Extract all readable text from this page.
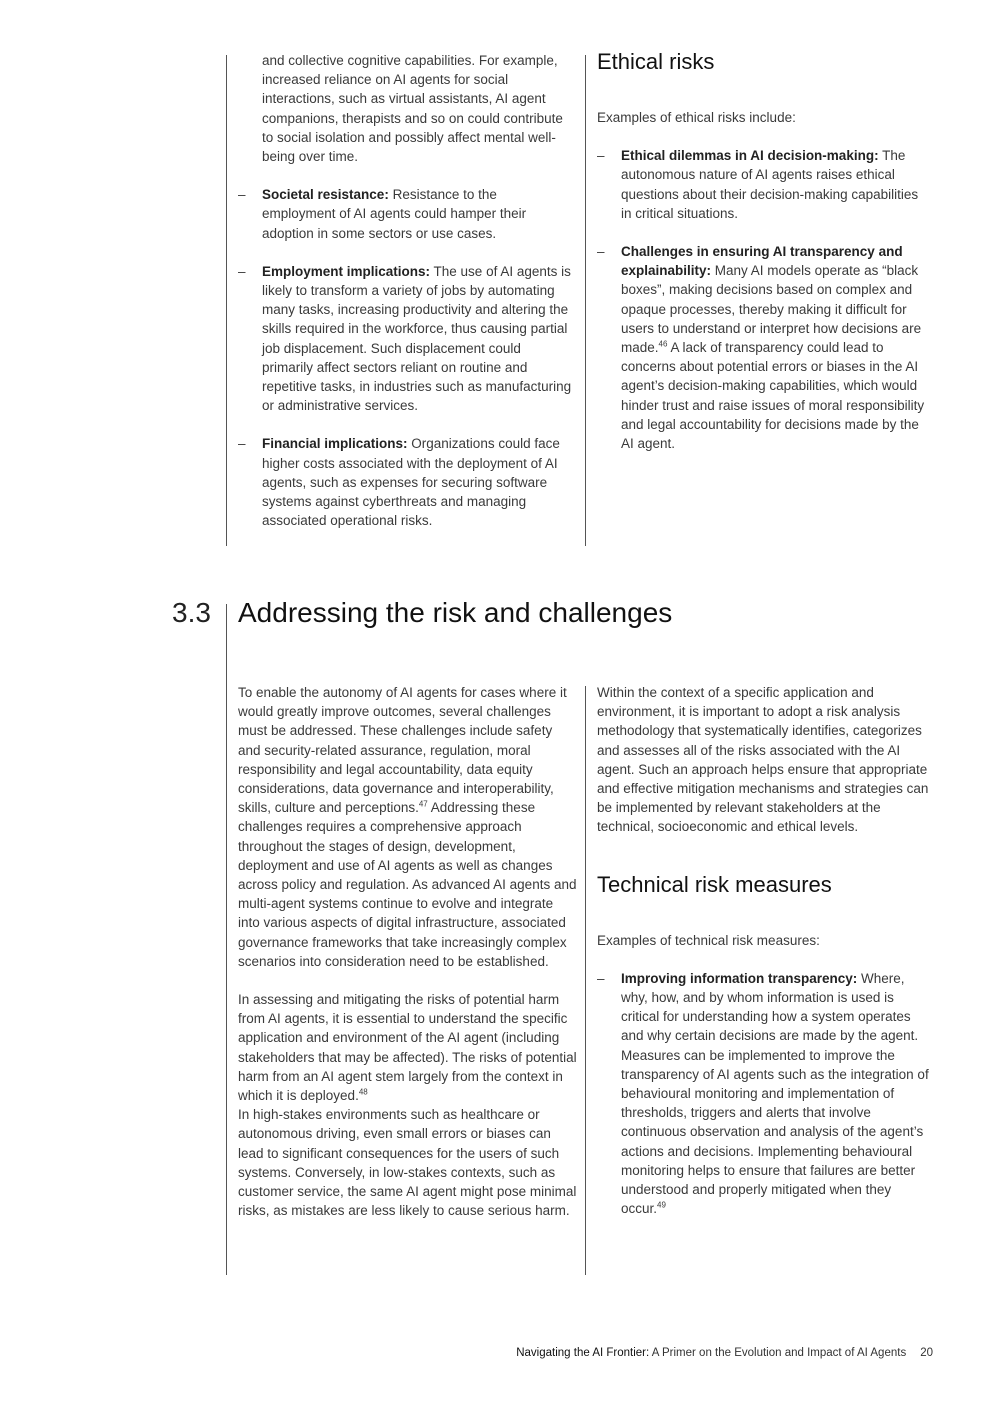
and collective cognitive capabilities. For example, increased reliance on AI agents for social interactions, such as virtual assistants, AI agent companions, therapists and so on could contribute to social isolation and possibly affect mental well-being over time.

– Societal resistance: Resistance to the employment of AI agents could hamper their adoption in some sectors or use cases.
– Employment implications: The use of AI agents is likely to transform a variety of jobs by automating many tasks, increasing productivity and altering the skills required in the workforce, thus causing partial job displacement. Such displacement could primarily affect sectors reliant on routine and repetitive tasks, in industries such as manufacturing or administrative services.
– Financial implications: Organizations could face higher costs associated with the deployment of AI agents, such as expenses for securing software systems against cyberthreats and managing associated operational risks.
Ethical risks

Examples of ethical risks include:

– Ethical dilemmas in AI decision-making: The autonomous nature of AI agents raises ethical questions about their decision-making capabilities in critical situations.
– Challenges in ensuring AI transparency and explainability: Many AI models operate as “black boxes”, making decisions based on complex and opaque processes, thereby making it difficult for users to understand or interpret how decisions are made.$^{46}$ A lack of transparency could lead to concerns about potential errors or biases in the AI agent’s decision-making capabilities, which would hinder trust and raise issues of moral responsibility and legal accountability for decisions made by the AI agent.
3.3 Addressing the risk and challenges

To enable the autonomy of AI agents for cases where it would greatly improve outcomes, several challenges must be addressed. These challenges include safety and security-related assurance, regulation, moral responsibility and legal accountability, data equity considerations, data governance and interoperability, skills, culture and perceptions.$^{47}$ Addressing these challenges requires a comprehensive approach throughout the stages of design, development, deployment and use of AI agents as well as changes across policy and regulation. As advanced AI agents and multi-agent systems continue to evolve and integrate into various aspects of digital infrastructure, associated governance frameworks that take increasingly complex scenarios into consideration need to be established.

In assessing and mitigating the risks of potential harm from AI agents, it is essential to understand the specific application and environment of the AI agent (including stakeholders that may be affected). The risks of potential harm from an AI agent stem largely from the context in which it is deployed.$^{48}$
In high-stakes environments such as healthcare or autonomous driving, even small errors or biases can lead to significant consequences for the users of such systems. Conversely, in low-stakes contexts, such as customer service, the same AI agent might pose minimal risks, as mistakes are less likely to cause serious harm.

Within the context of a specific application and environment, it is important to adopt a risk analysis methodology that systematically identifies, categorizes and assesses all of the risks associated with the AI agent. Such an approach helps ensure that appropriate and effective mitigation mechanisms and strategies can be implemented by relevant stakeholders at the technical, socioeconomic and ethical levels.

Technical risk measures

Examples of technical risk measures:

– Improving information transparency: Where, why, how, and by whom information is used is critical for understanding how a system operates and why certain decisions are made by the agent. Measures can be implemented to improve the transparency of AI agents such as the integration of behavioural monitoring and implementation of thresholds, triggers and alerts that involve continuous observation and analysis of the agent’s actions and decisions. Implementing behavioural monitoring helps to ensure that failures are better understood and properly mitigated when they occur.$^{49}$
Navigating the AI Frontier: A Primer on the Evolution and Impact of AI Agents 20
